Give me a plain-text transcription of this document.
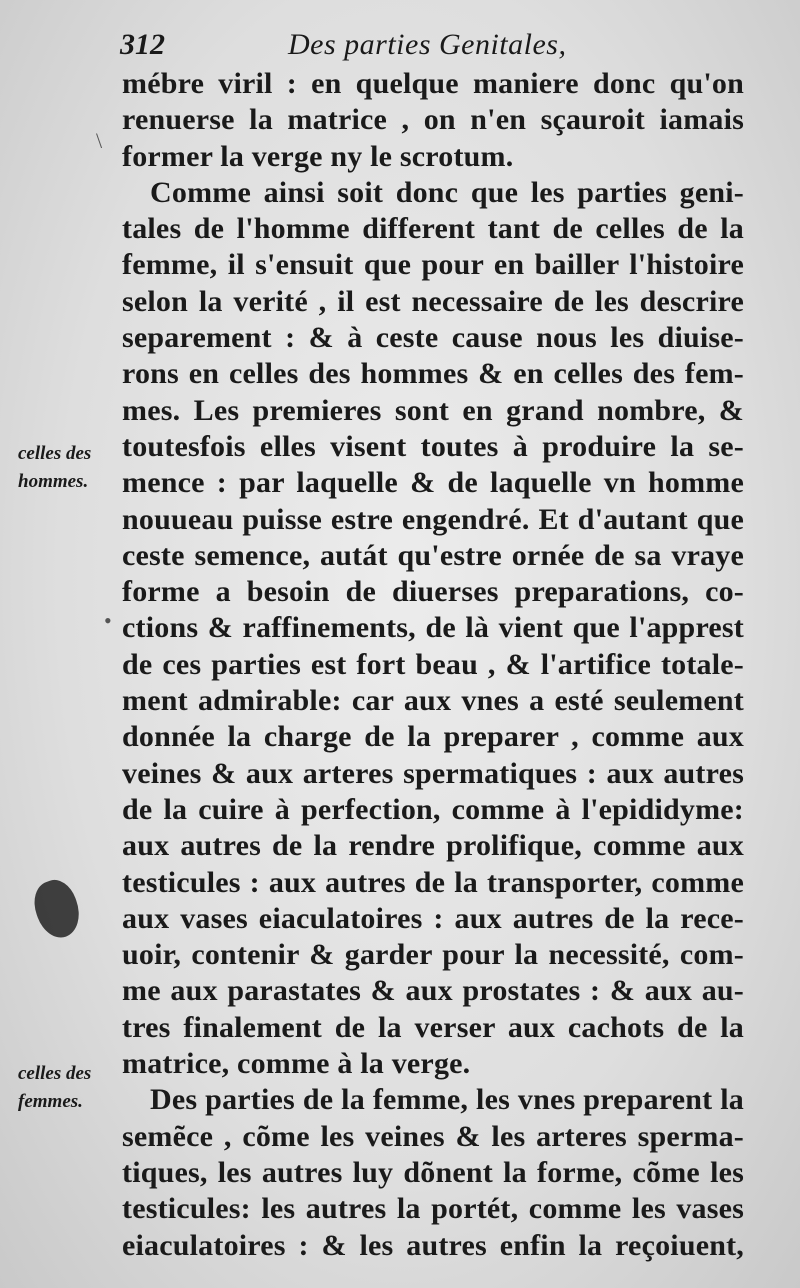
312	Des parties Genitales,
celles des hommes.
celles des femmes.
\
•
mébre viril : en quelque maniere donc qu'on
renuerse la matrice , on n'en sçauroit iamais
former la verge ny le scrotum.
Comme ainsi soit donc que les parties geni-
tales de l'homme different tant de celles de la
femme, il s'ensuit que pour en bailler l'histoire
selon la verité , il est necessaire de les descrire
separement : & à ceste cause nous les diuise-
rons en celles des hommes & en celles des fem-
mes. Les premieres sont en grand nombre, &
toutesfois elles visent toutes à produire la se-
mence : par laquelle & de laquelle vn homme
nouueau puisse estre engendré. Et d'autant que
ceste semence, autát qu'estre ornée de sa vraye
forme a besoin de diuerses preparations, co-
ctions & raffinements, de là vient que l'apprest
de ces parties est fort beau , & l'artifice totale-
ment admirable: car aux vnes a esté seulement
donnée la charge de la preparer , comme aux
veines & aux arteres spermatiques : aux autres
de la cuire à perfection, comme à l'epididyme:
aux autres de la rendre prolifique, comme aux
testicules : aux autres de la transporter, comme
aux vases eiaculatoires : aux autres de la rece-
uoir, contenir & garder pour la necessité, com-
me aux parastates & aux prostates : & aux au-
tres finalement de la verser aux cachots de la
matrice, comme à la verge.
Des parties de la femme, les vnes preparent la
semẽce , cõme les veines & les arteres sperma-
tiques, les autres luy dõnent la forme, cõme les
testicules: les autres la portét, comme les vases
eiaculatoires : & les autres enfin la reçoiuent,
